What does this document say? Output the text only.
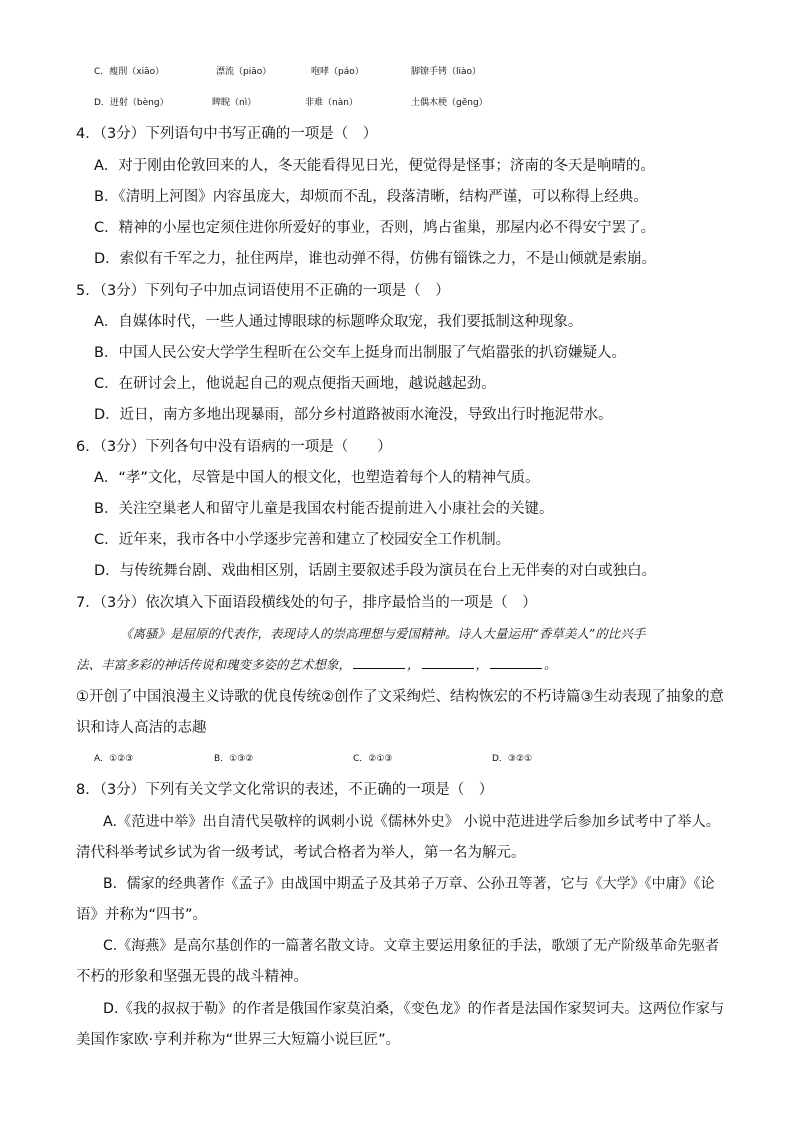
C．瘦削（xiāo）	漂流（piāo）	咆哮（páo）	脚镣手铐（liào）
D．迸射（bèng）	睥睨（nì）	非难（nàn）	土偶木梗（gěng）
4．（3分）下列语句中书写正确的一项是（　）
A．对于刚由伦敦回来的人，冬天能看得见日光，便觉得是怪事；济南的冬天是响晴的。
B．《清明上河图》内容虽庞大，却烦而不乱，段落清晰，结构严谨，可以称得上经典。
C．精神的小屋也定须住进你所爱好的事业，否则，鸠占雀巢，那屋内必不得安宁罢了。
D．索似有千军之力，扯住两岸，谁也动弹不得，仿佛有锱铢之力，不是山倾就是索崩。
5．（3分）下列句子中加点词语使用不正确的一项是（　）
A．自媒体时代，一些人通过博眼球的标题哗众取宠，我们要抵制这种现象。
B．中国人民公安大学学生程昕在公交车上挺身而出制服了气焰嚣张的扒窃嫌疑人。
C．在研讨会上，他说起自己的观点便指天画地，越说越起劲。
D．近日，南方多地出现暴雨，部分乡村道路被雨水淹没，导致出行时拖泥带水。
6．（3分）下列各句中没有语病的一项是（　　）
A．“孝”文化，尽管是中国人的根文化，也塑造着每个人的精神气质。
B．关注空巢老人和留守儿童是我国农村能否提前进入小康社会的关键。
C．近年来，我市各中小学逐步完善和建立了校园安全工作机制。
D．与传统舞台剧、戏曲相区别，话剧主要叙述手段为演员在台上无伴奏的对白或独白。
7．（3分）依次填入下面语段横线处的句子，排序最恰当的一项是（　）
《离骚》是屈原的代表作，表现诗人的崇高理想与爱国精神。诗人大量运用“香草美人”的比兴手
法、丰富多彩的神话传说和瑰变多姿的艺术想象，	，	，	。
①开创了中国浪漫主义诗歌的优良传统②创作了文采绚烂、结构恢宏的不朽诗篇③生动表现了抽象的意
识和诗人高洁的志趣
A．①②③	B．①③②	C．②①③	D．③②①
8．（3分）下列有关文学文化常识的表述，不正确的一项是（　）
A.《范进中举》出自清代吴敬梓的讽刺小说《儒林外史》 小说中范进进学后参加乡试考中了举人。
清代科举考试乡试为省一级考试，考试合格者为举人，第一名为解元。
B．儒家的经典著作《孟子》由战国中期孟子及其弟子万章、公孙丑等著，它与《大学》《中庸》《论
语》并称为“四书”。
C.《海燕》是高尔基创作的一篇著名散文诗。文章主要运用象征的手法，歌颂了无产阶级革命先驱者
不朽的形象和坚强无畏的战斗精神。
D.《我的叔叔于勒》的作者是俄国作家莫泊桑，《变色龙》的作者是法国作家契诃夫。这两位作家与
美国作家欧·亨利并称为“世界三大短篇小说巨匠”。
